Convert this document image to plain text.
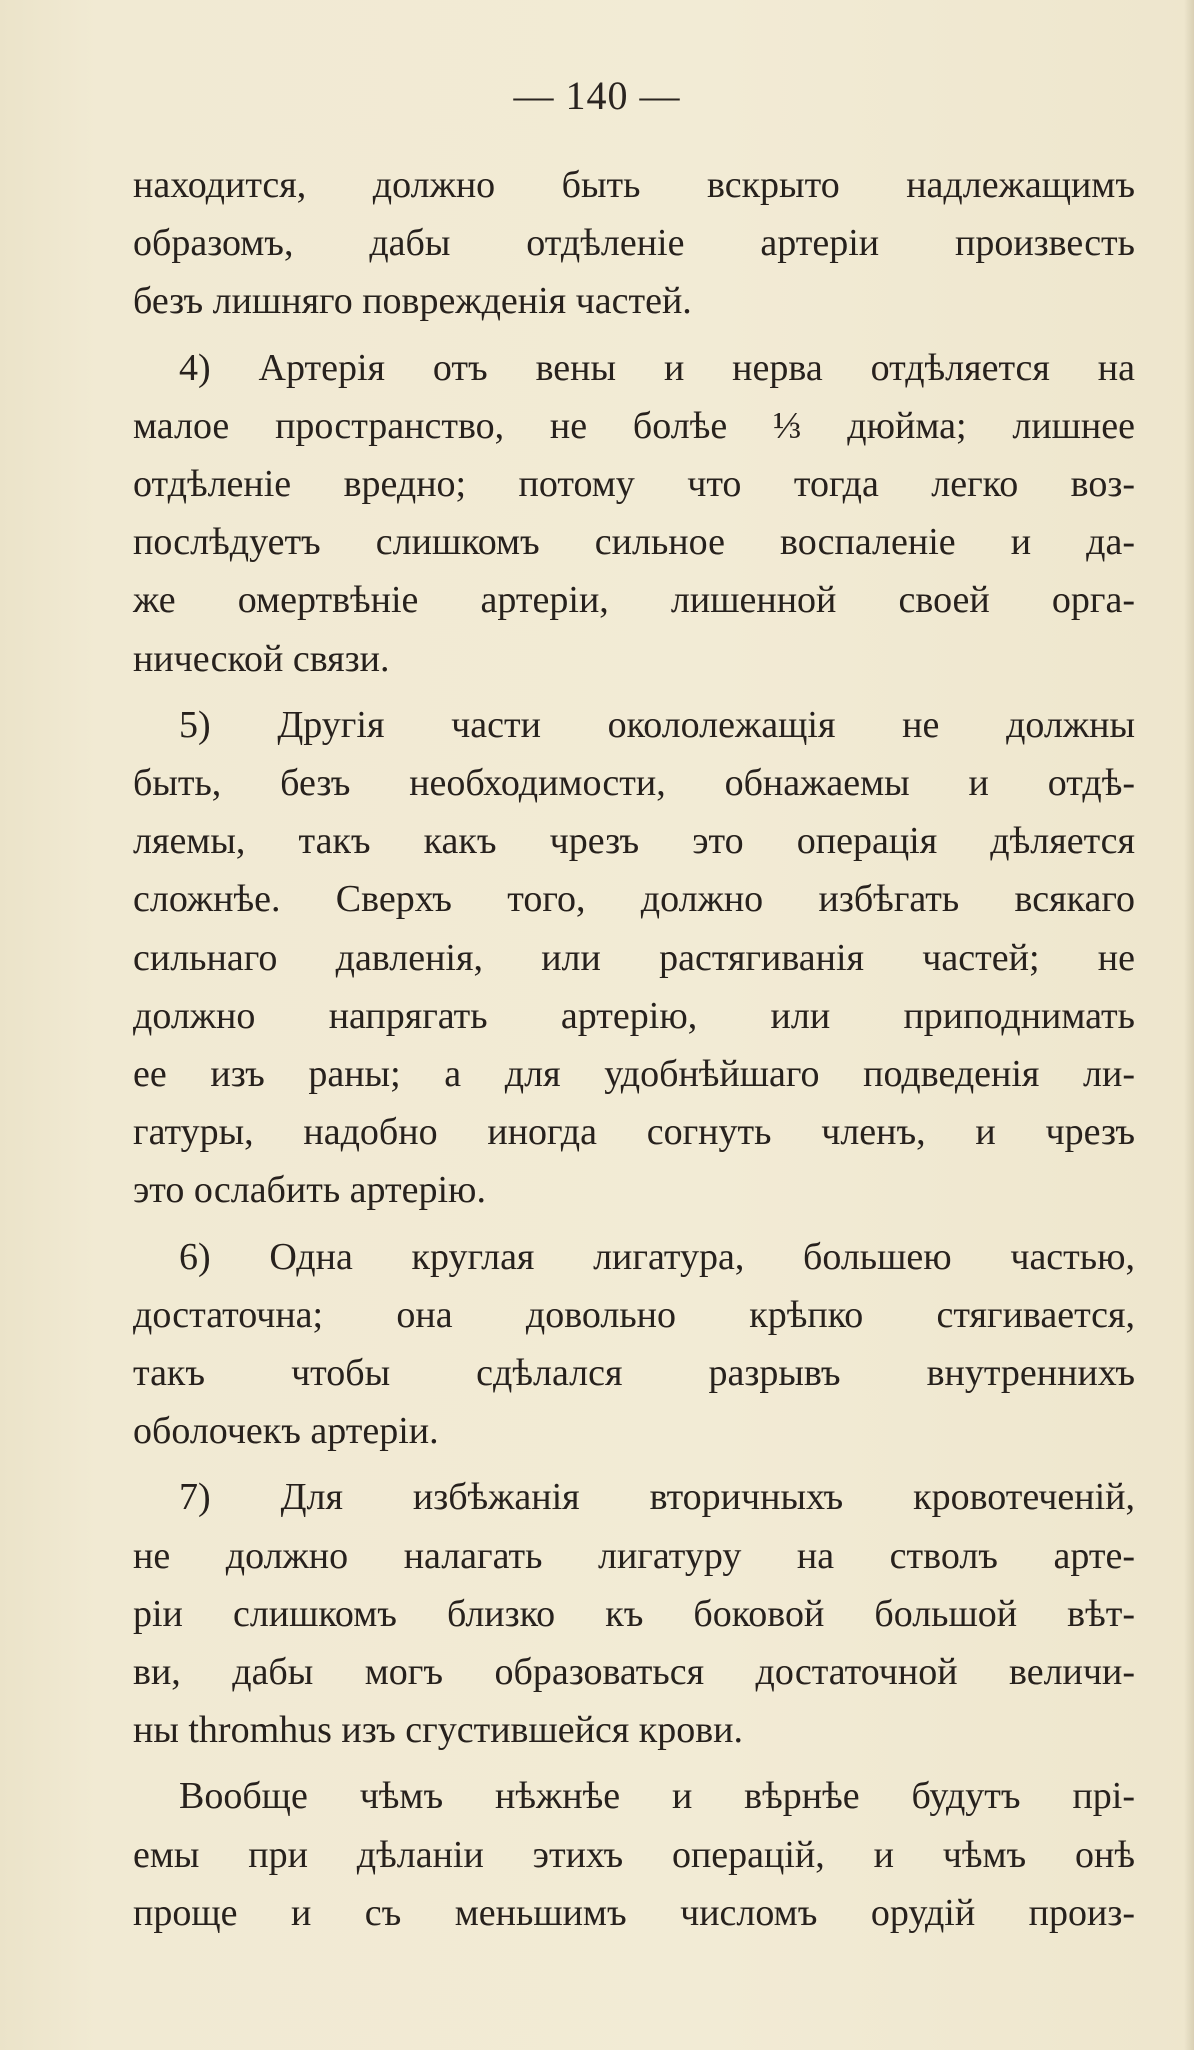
— 140 —
находится, должно быть вскрыто надлежащимъ
образомъ, дабы отдѣленіе артеріи произвесть
безъ лишняго поврежденія частей.
4) Артерія отъ вены и нерва отдѣляется на
малое пространство, не болѣе ⅓ дюйма; лишнее
отдѣленіе вредно; потому что тогда легко воз-
послѣдуетъ слишкомъ сильное воспаленіе и да-
же омертвѣніе артеріи, лишенной своей орга-
нической связи.
5) Другія части окололежащія не должны
быть, безъ необходимости, обнажаемы и отдѣ-
ляемы, такъ какъ чрезъ это операція дѣляется
сложнѣе. Сверхъ того, должно избѣгать всякаго
сильнаго давленія, или растягиванія частей; не
должно напрягать артерію, или приподнимать
ее изъ раны; а для удобнѣйшаго подведенія ли-
гатуры, надобно иногда согнуть членъ, и чрезъ
это ослабить артерію.
6) Одна круглая лигатура, большею частью,
достаточна; она довольно крѣпко стягивается,
такъ чтобы сдѣлался разрывъ внутреннихъ
оболочекъ артеріи.
7) Для избѣжанія вторичныхъ кровотеченій,
не должно налагать лигатуру на стволъ арте-
ріи слишкомъ близко къ боковой большой вѣт-
ви, дабы могъ образоваться достаточной величи-
ны thromhus изъ сгустившейся крови.
Вообще чѣмъ нѣжнѣе и вѣрнѣе будутъ прі-
емы при дѣланіи этихъ операцій, и чѣмъ онѣ
проще и съ меньшимъ числомъ орудій произ-
